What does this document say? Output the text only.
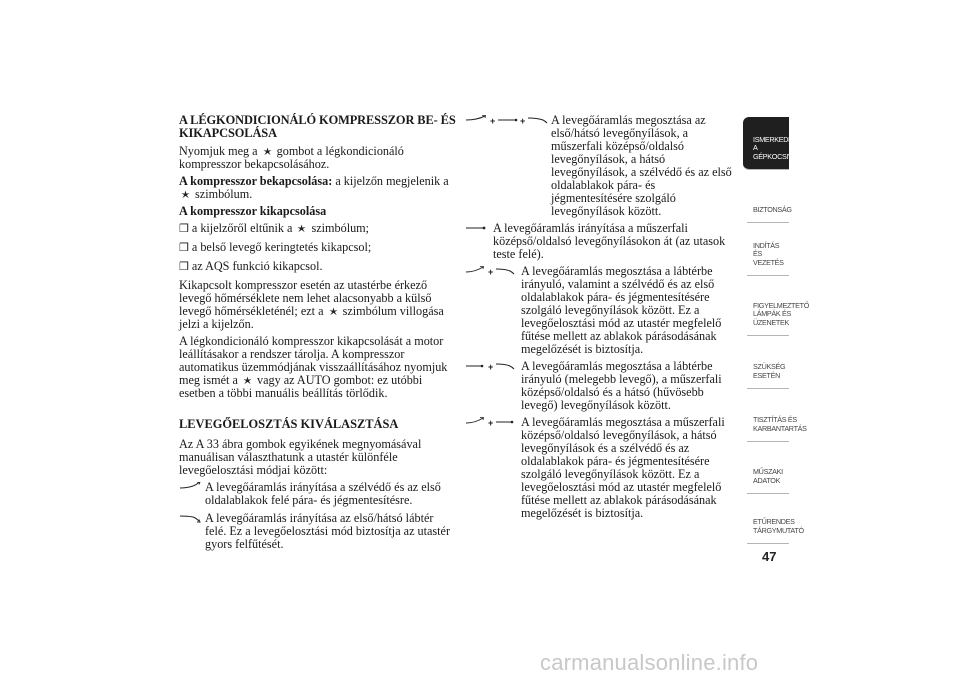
A LÉGKONDICIONÁLÓ KOMPRESSZOR BE- ÉS KIKAPCSOLÁSA

Nyomjuk meg a gombot a légkondicionáló kompresszor bekapcsolásához.

A kompresszor bekapcsolása: a kijelzőn megjelenik a  szimbólum.

A kompresszor kikapcsolása

❒ a kijelzőről eltűnik a szimbólum;
❒ a belső levegő keringtetés kikapcsol;
❒ az AQS funkció kikapcsol.

Kikapcsolt kompresszor esetén az utastérbe érkező levegő hőmérséklete nem lehet alacsonyabb a külső levegő hőmérsékleténél; ezt a szimbólum villogása jelzi a kijelzőn.

A légkondicionáló kompresszor kikapcsolását a motor leállításakor a rendszer tárolja. A kompresszor automatikus üzemmódjának visszaállításához nyomjuk meg ismét a vagy az AUTO gombot: ez utóbbi esetben a többi manuális beállítás törlődik.

LEVEGŐELOSZTÁS KIVÁLASZTÁSA

Az A 33 ábra gombok egyikének megnyomásával manuálisan választhatunk a utastér különféle levegőelosztási módjai között:

A levegőáramlás irányítása a szélvédő és az első oldalablakok felé pára- és jégmentesítésre.
A levegőáramlás irányítása az első/hátsó lábtér felé. Ez a levegőelosztási mód biztosítja az utastér gyors felfűtését.
+	+ A levegőáramlás megosztása az első/hátsó levegőnyílások, a műszerfali középső/oldalsó levegőnyílások, a hátsó levegőnyílások, a szélvédő és az első oldalablakok pára- és jégmentesítésére szolgáló levegőnyílások között.
A levegőáramlás irányítása a műszerfali középső/oldalsó levegőnyílásokon át (az utasok teste felé).
+ A levegőáramlás megosztása a lábtérbe irányuló, valamint a szélvédő és az első oldalablakok pára- és jégmentesítésére szolgáló levegőnyílások között. Ez a levegőelosztási mód az utastér megfelelő fűtése mellett az ablakok párásodásának megelőzését is biztosítja.
+ A levegőáramlás megosztása a lábtérbe irányuló (melegebb levegő), a műszerfali középső/oldalsó és a hátsó (hűvösebb levegő) levegőnyílások között.
+ A levegőáramlás megosztása a műszerfali középső/oldalsó levegőnyílások, a hátsó levegőnyílások és a szélvédő és az oldalablakok pára- és jégmentesítésére szolgáló levegőnyílások között. Ez a levegőelosztási mód az utastér megfelelő fűtése mellett az ablakok párásodásának megelőzését is biztosítja.
ISMERKEDÉS A GÉPKOCSIVAL
BIZTONSÁG
INDÍTÁS ÉS VEZETÉS
FIGYELMEZTETŐ LÁMPÁK ÉS ÜZENETEK
SZÜKSÉG ESETÉN
TISZTÍTÁS ÉS KARBANTARTÁS
MŰSZAKI ADATOK
ETŰRENDES TÁRGYMUTATÓ
47
carmanualsonline.info
